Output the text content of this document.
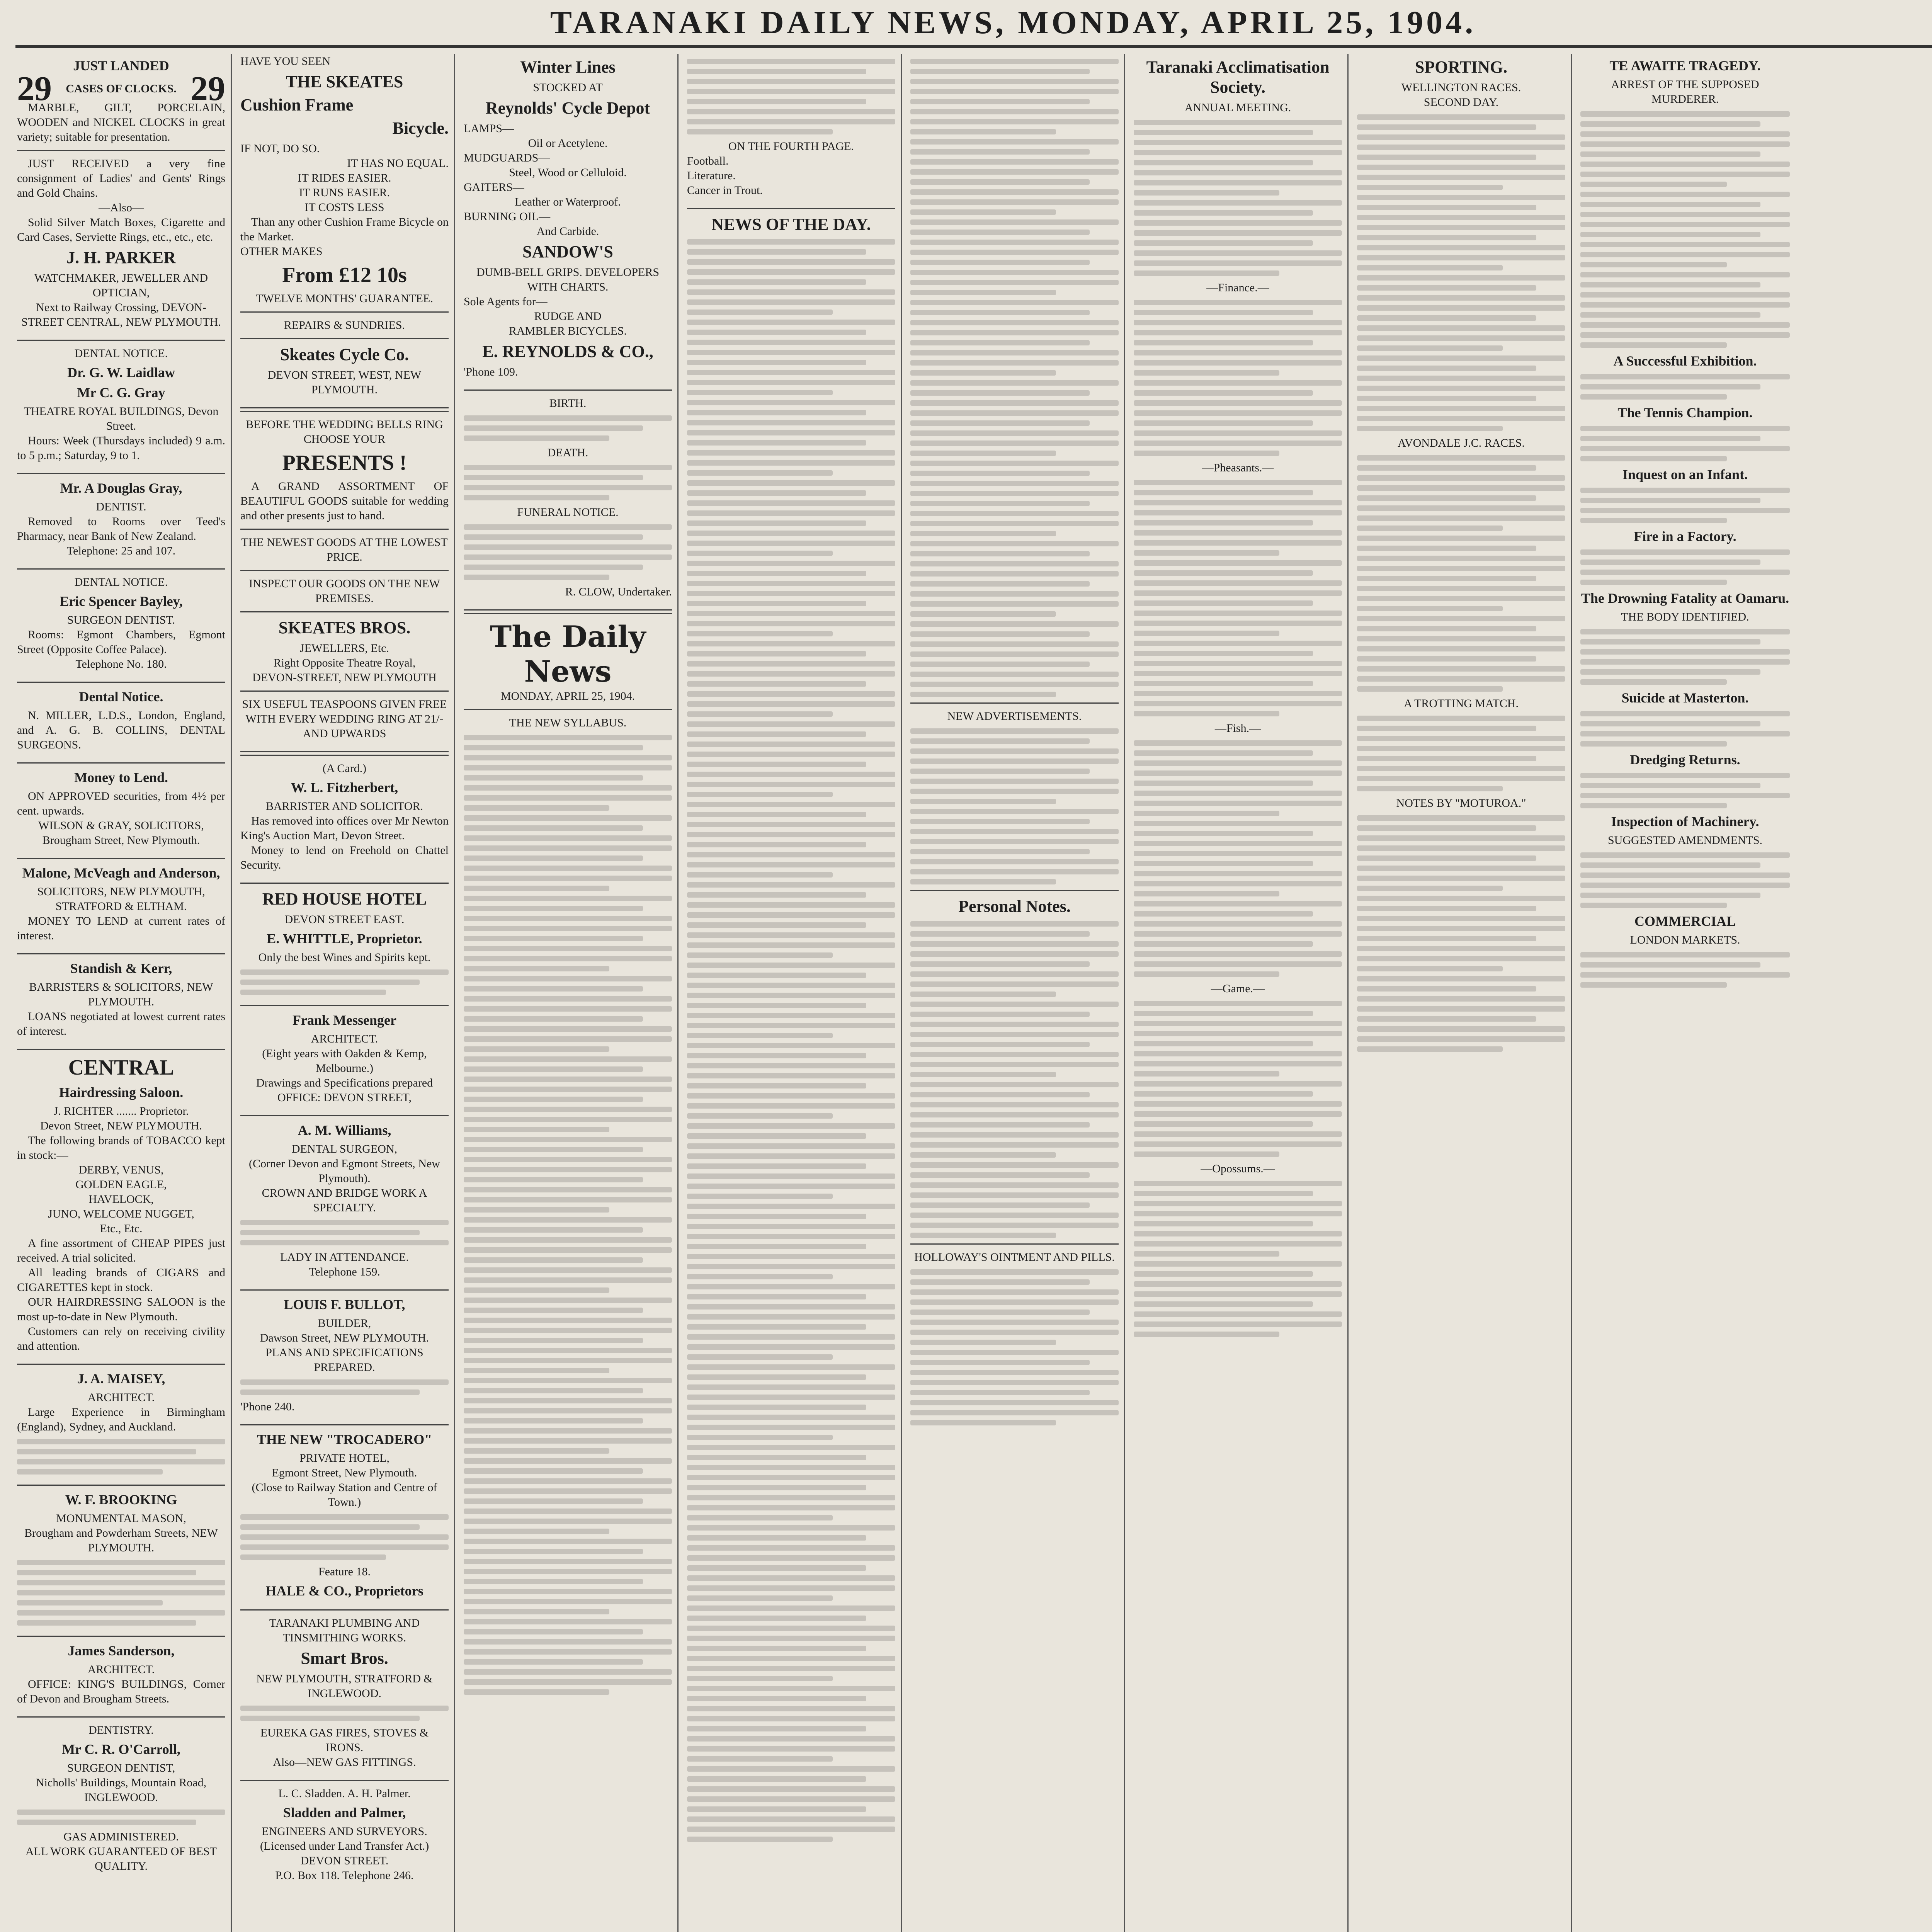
TARANAKI DAILY NEWS, MONDAY, APRIL 25, 1904.
JUST LANDED
29 CASES OF CLOCKS. 29
MARBLE, GILT, PORCELAIN, WOODEN and NICKEL CLOCKS in great variety; suitable for presentation.
JUST RECEIVED a very fine consignment of Ladies' and Gents' Rings and Gold Chains.
—Also—
Solid Silver Match Boxes, Cigarette and Card Cases, Serviette Rings, etc., etc., etc.
J. H. PARKER
WATCHMAKER, JEWELLER AND OPTICIAN,
Next to Railway Crossing, DEVON-STREET CENTRAL, NEW PLYMOUTH.
DENTAL NOTICE.
Dr. G. W. Laidlaw
Mr C. G. Gray
THEATRE ROYAL BUILDINGS, Devon Street.
Hours: Week (Thursdays included) 9 a.m. to 5 p.m.; Saturday, 9 to 1.
Mr. A Douglas Gray,
DENTIST.
Removed to Rooms over Teed's Pharmacy, near Bank of New Zealand.
Telephone: 25 and 107.
DENTAL NOTICE.
Eric Spencer Bayley,
SURGEON DENTIST.
Rooms: Egmont Chambers, Egmont Street (Opposite Coffee Palace).
Telephone No. 180.
Dental Notice.
N. MILLER, L.D.S., London, England, and A. G. B. COLLINS, DENTAL SURGEONS.
Money to Lend.
ON APPROVED securities, from 4½ per cent. upwards.
WILSON & GRAY, SOLICITORS,
Brougham Street, New Plymouth.
Malone, McVeagh and Anderson,
SOLICITORS, NEW PLYMOUTH, STRATFORD & ELTHAM.
MONEY TO LEND at current rates of interest.
Standish & Kerr,
BARRISTERS & SOLICITORS, NEW PLYMOUTH.
LOANS negotiated at lowest current rates of interest.
CENTRAL
Hairdressing Saloon.
J. RICHTER ....... Proprietor.
Devon Street, NEW PLYMOUTH.
The following brands of TOBACCO kept in stock:—
DERBY, VENUS,
GOLDEN EAGLE,
HAVELOCK,
JUNO, WELCOME NUGGET,
Etc., Etc.
A fine assortment of CHEAP PIPES just received. A trial solicited.
All leading brands of CIGARS and CIGARETTES kept in stock.
OUR HAIRDRESSING SALOON is the most up-to-date in New Plymouth.
Customers can rely on receiving civility and attention.
J. A. MAISEY,
ARCHITECT.
Large Experience in Birmingham (England), Sydney, and Auckland.
W. F. BROOKING
MONUMENTAL MASON,
Brougham and Powderham Streets, NEW PLYMOUTH.
James Sanderson,
ARCHITECT.
OFFICE: KING'S BUILDINGS, Corner of Devon and Brougham Streets.
DENTISTRY.
Mr C. R. O'Carroll,
SURGEON DENTIST,
Nicholls' Buildings, Mountain Road, INGLEWOOD.
GAS ADMINISTERED.
ALL WORK GUARANTEED OF BEST QUALITY.
HAVE YOU SEEN
THE SKEATES
Cushion Frame
Bicycle.
IF NOT, DO SO.
IT HAS NO EQUAL.
IT RIDES EASIER.
IT RUNS EASIER.
IT COSTS LESS
Than any other Cushion Frame Bicycle on the Market.
OTHER MAKES
From £12 10s
TWELVE MONTHS' GUARANTEE.
REPAIRS & SUNDRIES.
Skeates Cycle Co.
DEVON STREET, WEST, NEW PLYMOUTH.
BEFORE THE WEDDING BELLS RING CHOOSE YOUR
PRESENTS !
A GRAND ASSORTMENT OF BEAUTIFUL GOODS suitable for wedding and other presents just to hand.
THE NEWEST GOODS AT THE LOWEST PRICE.
INSPECT OUR GOODS ON THE NEW PREMISES.
SKEATES BROS.
JEWELLERS, Etc.
Right Opposite Theatre Royal,
DEVON-STREET, NEW PLYMOUTH
SIX USEFUL TEASPOONS GIVEN FREE WITH EVERY WEDDING RING AT 21/- AND UPWARDS
(A Card.)
W. L. Fitzherbert,
BARRISTER AND SOLICITOR.
Has removed into offices over Mr Newton King's Auction Mart, Devon Street.
Money to lend on Freehold on Chattel Security.
RED HOUSE HOTEL
DEVON STREET EAST.
E. WHITTLE, Proprietor.
Only the best Wines and Spirits kept.
Frank Messenger
ARCHITECT.
(Eight years with Oakden & Kemp, Melbourne.)
Drawings and Specifications prepared
OFFICE: DEVON STREET,
A. M. Williams,
DENTAL SURGEON,
(Corner Devon and Egmont Streets, New Plymouth).
CROWN AND BRIDGE WORK A SPECIALTY.
LADY IN ATTENDANCE.
Telephone 159.
LOUIS F. BULLOT,
BUILDER,
Dawson Street, NEW PLYMOUTH.
PLANS AND SPECIFICATIONS PREPARED.
'Phone 240.
THE NEW "TROCADERO"
PRIVATE HOTEL,
Egmont Street, New Plymouth.
(Close to Railway Station and Centre of Town.)
Feature 18.
HALE & CO., Proprietors
TARANAKI PLUMBING AND TINSMITHING WORKS.
Smart Bros.
NEW PLYMOUTH, STRATFORD & INGLEWOOD.
EUREKA GAS FIRES, STOVES & IRONS.
Also—NEW GAS FITTINGS.
L. C. Sladden. A. H. Palmer.
Sladden and Palmer,
ENGINEERS AND SURVEYORS.
(Licensed under Land Transfer Act.)
DEVON STREET.
P.O. Box 118. Telephone 246.
Winter Lines
STOCKED AT
Reynolds' Cycle Depot
LAMPS—
Oil or Acetylene.
MUDGUARDS—
Steel, Wood or Celluloid.
GAITERS—
Leather or Waterproof.
BURNING OIL—
And Carbide.
SANDOW'S
DUMB-BELL GRIPS. DEVELOPERS WITH CHARTS.
Sole Agents for—
RUDGE AND
RAMBLER BICYCLES.
E. REYNOLDS & CO.,
'Phone 109.
BIRTH.
DEATH.
FUNERAL NOTICE.
R. CLOW, Undertaker.
The Daily News
MONDAY, APRIL 25, 1904.
THE NEW SYLLABUS.
ON THE FOURTH PAGE.
Football.
Literature.
Cancer in Trout.
NEWS OF THE DAY.
NEW ADVERTISEMENTS.
Personal Notes.
HOLLOWAY'S OINTMENT AND PILLS.
Taranaki Acclimatisation Society.
ANNUAL MEETING.
—Finance.—
—Pheasants.—
—Fish.—
—Game.—
—Opossums.—
SPORTING.
WELLINGTON RACES.
SECOND DAY.
AVONDALE J.C. RACES.
A TROTTING MATCH.
NOTES BY "MOTUROA."
TE AWAITE TRAGEDY.
ARREST OF THE SUPPOSED MURDERER.
A Successful Exhibition.
The Tennis Champion.
Inquest on an Infant.
Fire in a Factory.
The Drowning Fatality at Oamaru.
THE BODY IDENTIFIED.
Suicide at Masterton.
Dredging Returns.
Inspection of Machinery.
SUGGESTED AMENDMENTS.
COMMERCIAL
LONDON MARKETS.
